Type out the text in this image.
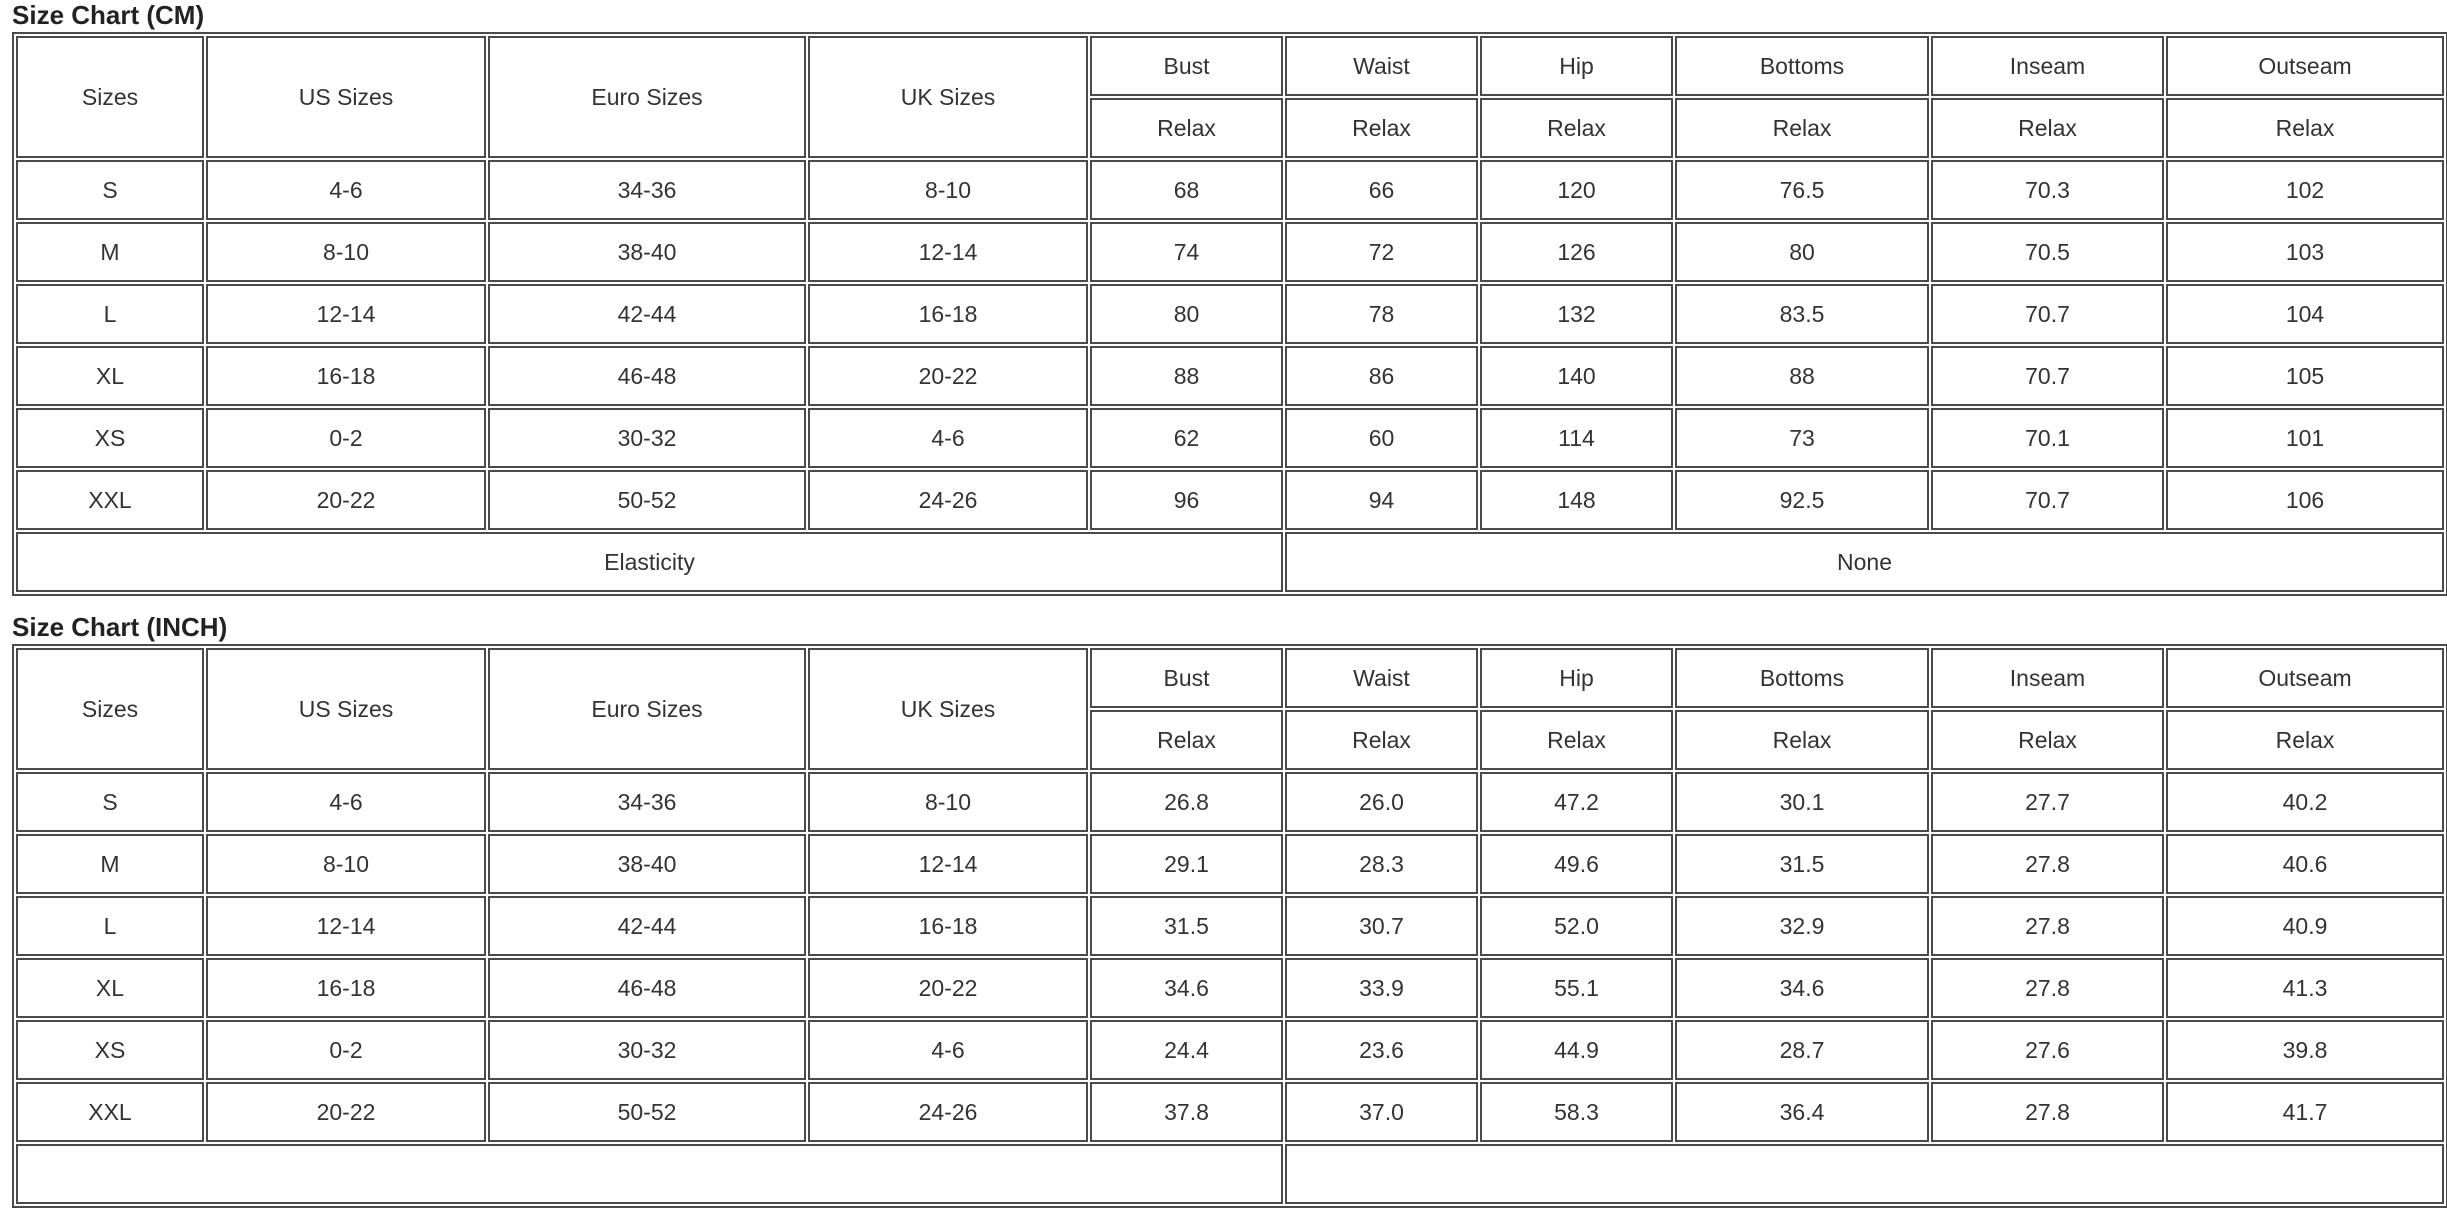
Size Chart (CM)
Sizes	US Sizes	Euro Sizes	UK Sizes	Bust	Waist	Hip	Bottoms	Inseam	Outseam
				Relax	Relax	Relax	Relax	Relax	Relax
S	4-6	34-36	8-10	68	66	120	76.5	70.3	102
M	8-10	38-40	12-14	74	72	126	80	70.5	103
L	12-14	42-44	16-18	80	78	132	83.5	70.7	104
XL	16-18	46-48	20-22	88	86	140	88	70.7	105
XS	0-2	30-32	4-6	62	60	114	73	70.1	101
XXL	20-22	50-52	24-26	96	94	148	92.5	70.7	106
Elasticity					None				
Size Chart (INCH)
Sizes	US Sizes	Euro Sizes	UK Sizes	Bust	Waist	Hip	Bottoms	Inseam	Outseam
				Relax	Relax	Relax	Relax	Relax	Relax
S	4-6	34-36	8-10	26.8	26.0	47.2	30.1	27.7	40.2
M	8-10	38-40	12-14	29.1	28.3	49.6	31.5	27.8	40.6
L	12-14	42-44	16-18	31.5	30.7	52.0	32.9	27.8	40.9
XL	16-18	46-48	20-22	34.6	33.9	55.1	34.6	27.8	41.3
XS	0-2	30-32	4-6	24.4	23.6	44.9	28.7	27.6	39.8
XXL	20-22	50-52	24-26	37.8	37.0	58.3	36.4	27.8	41.7
